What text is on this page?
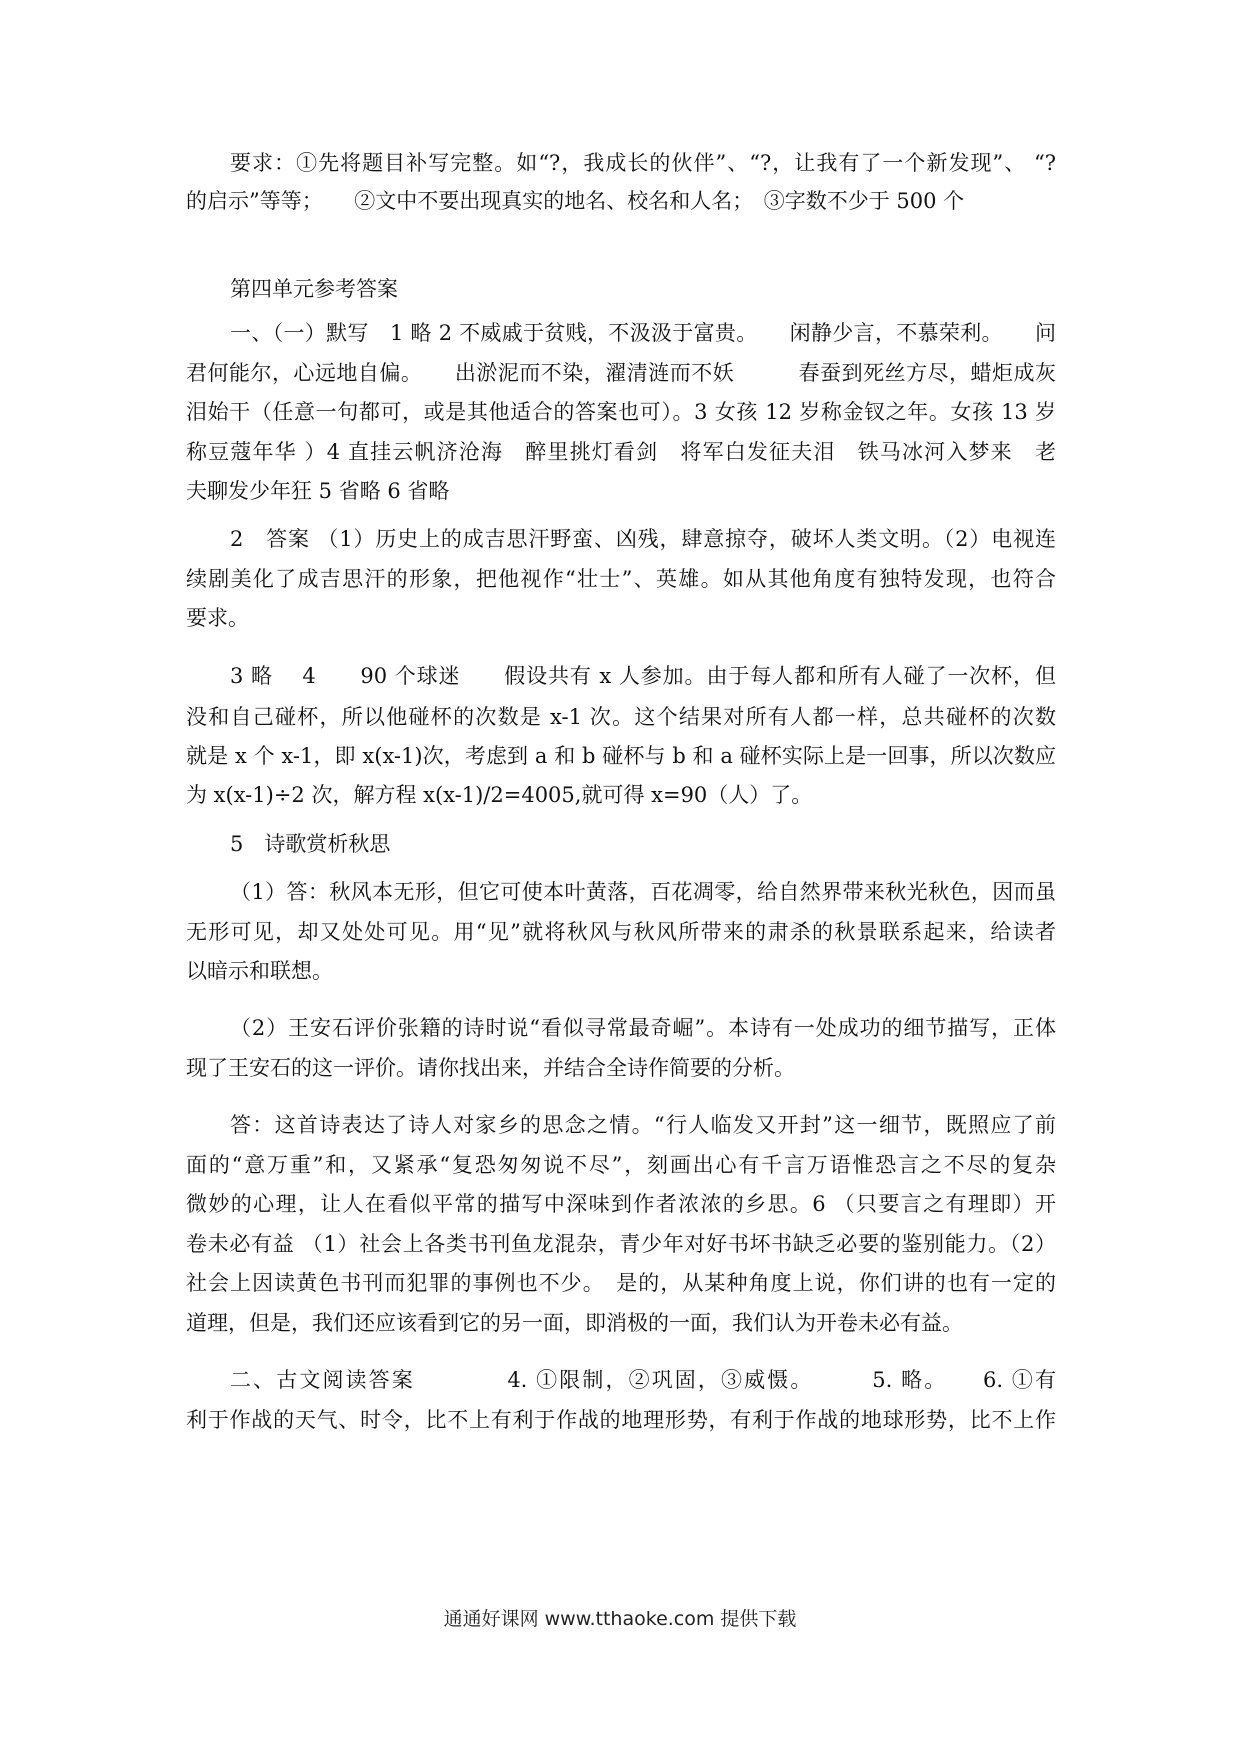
要求：①先将题目补写完整。如“?，我成长的伙伴”、“?，让我有了一个新发现”、 “?
的启示”等等；　　②文中不要出现真实的地名、校名和人名；　③字数不少于 500 个
第四单元参考答案
一、（一）默写　1 略 2 不威戚于贫贱，不汲汲于富贵。　　闲静少言，不慕荣利。　　问
君何能尔，心远地自偏。　　出淤泥而不染，濯清涟而不妖　　　春蚕到死丝方尽，蜡炬成灰
泪始干（任意一句都可，或是其他适合的答案也可）。3 女孩 12 岁称金钗之年。女孩 13 岁
称豆蔻年华 ）4 直挂云帆济沧海　醉里挑灯看剑　将军白发征夫泪　铁马冰河入梦来　老
夫聊发少年狂 5 省略 6 省略
2　答案 （1）历史上的成吉思汗野蛮、凶残，肆意掠夺，破坏人类文明。（2）电视连
续剧美化了成吉思汗的形象，把他视作“壮士”、英雄。如从其他角度有独特发现，也符合
要求。
3 略　 4　　90 个球迷　　假设共有 x 人参加。由于每人都和所有人碰了一次杯，但
没和自己碰杯，所以他碰杯的次数是 x-1 次。这个结果对所有人都一样，总共碰杯的次数
就是 x 个 x-1，即 x(x-1)次，考虑到 a 和 b 碰杯与 b 和 a 碰杯实际上是一回事，所以次数应
为 x(x-1)÷2 次，解方程 x(x-1)/2=4005,就可得 x=90（人）了。
5　诗歌赏析秋思
（1）答：秋风本无形，但它可使本叶黄落，百花凋零，给自然界带来秋光秋色，因而虽
无形可见，却又处处可见。用“见”就将秋风与秋风所带来的肃杀的秋景联系起来，给读者
以暗示和联想。
（2）王安石评价张籍的诗时说“看似寻常最奇崛”。本诗有一处成功的细节描写，正体
现了王安石的这一评价。请你找出来，并结合全诗作简要的分析。
答：这首诗表达了诗人对家乡的思念之情。“行人临发又开封”这一细节，既照应了前
面的“意万重”和，又紧承“复恐匆匆说不尽”，刻画出心有千言万语惟恐言之不尽的复杂
微妙的心理，让人在看似平常的描写中深味到作者浓浓的乡思。6 （只要言之有理即）开
卷未必有益 （1）社会上各类书刊鱼龙混杂，青少年对好书坏书缺乏必要的鉴别能力。（2）
社会上因读黄色书刊而犯罪的事例也不少。　是的，从某种角度上说，你们讲的也有一定的
道理，但是，我们还应该看到它的另一面，即消极的一面，我们认为开卷未必有益。
二、古文阅读答案　　　　4. ①限制，②巩固，③威慑。　　　5. 略。　　6. ①有
利于作战的天气、时令，比不上有利于作战的地理形势，有利于作战的地球形势，比不上作
通通好课网 www.tthaoke.com 提供下载
